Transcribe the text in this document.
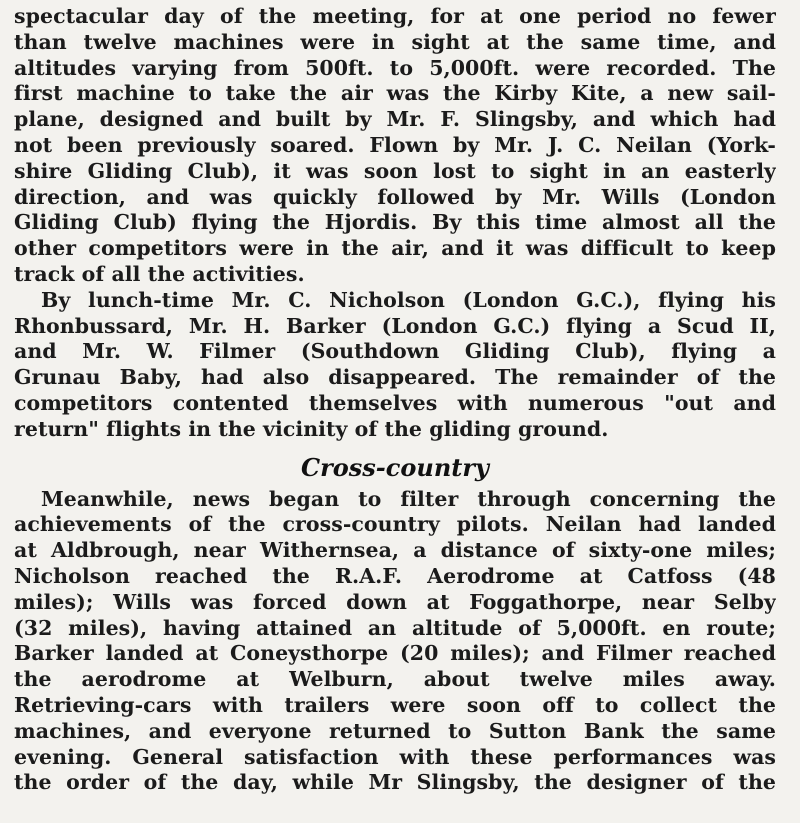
spectacular day of the meeting, for at one period no fewer
than twelve machines were in sight at the same time, and
altitudes varying from 500ft. to 5,000ft. were recorded. The
first machine to take the air was the Kirby Kite, a new sail-
plane, designed and built by Mr. F. Slingsby, and which had
not been previously soared. Flown by Mr. J. C. Neilan (York-
shire Gliding Club), it was soon lost to sight in an easterly
direction, and was quickly followed by Mr. Wills (London
Gliding Club) flying the Hjordis. By this time almost all the
other competitors were in the air, and it was difficult to keep
track of all the activities.
By lunch-time Mr. C. Nicholson (London G.C.), flying his
Rhonbussard, Mr. H. Barker (London G.C.) flying a Scud II,
and Mr. W. Filmer (Southdown Gliding Club), flying a
Grunau Baby, had also disappeared. The remainder of the
competitors contented themselves with numerous "out and
return" flights in the vicinity of the gliding ground.
Cross-country
Meanwhile, news began to filter through concerning the
achievements of the cross-country pilots. Neilan had landed
at Aldbrough, near Withernsea, a distance of sixty-one miles;
Nicholson reached the R.A.F. Aerodrome at Catfoss (48
miles); Wills was forced down at Foggathorpe, near Selby
(32 miles), having attained an altitude of 5,000ft. en route;
Barker landed at Coneysthorpe (20 miles); and Filmer reached
the aerodrome at Welburn, about twelve miles away.
Retrieving-cars with trailers were soon off to collect the
machines, and everyone returned to Sutton Bank the same
evening. General satisfaction with these performances was
the order of the day, while Mr Slingsby, the designer of the
